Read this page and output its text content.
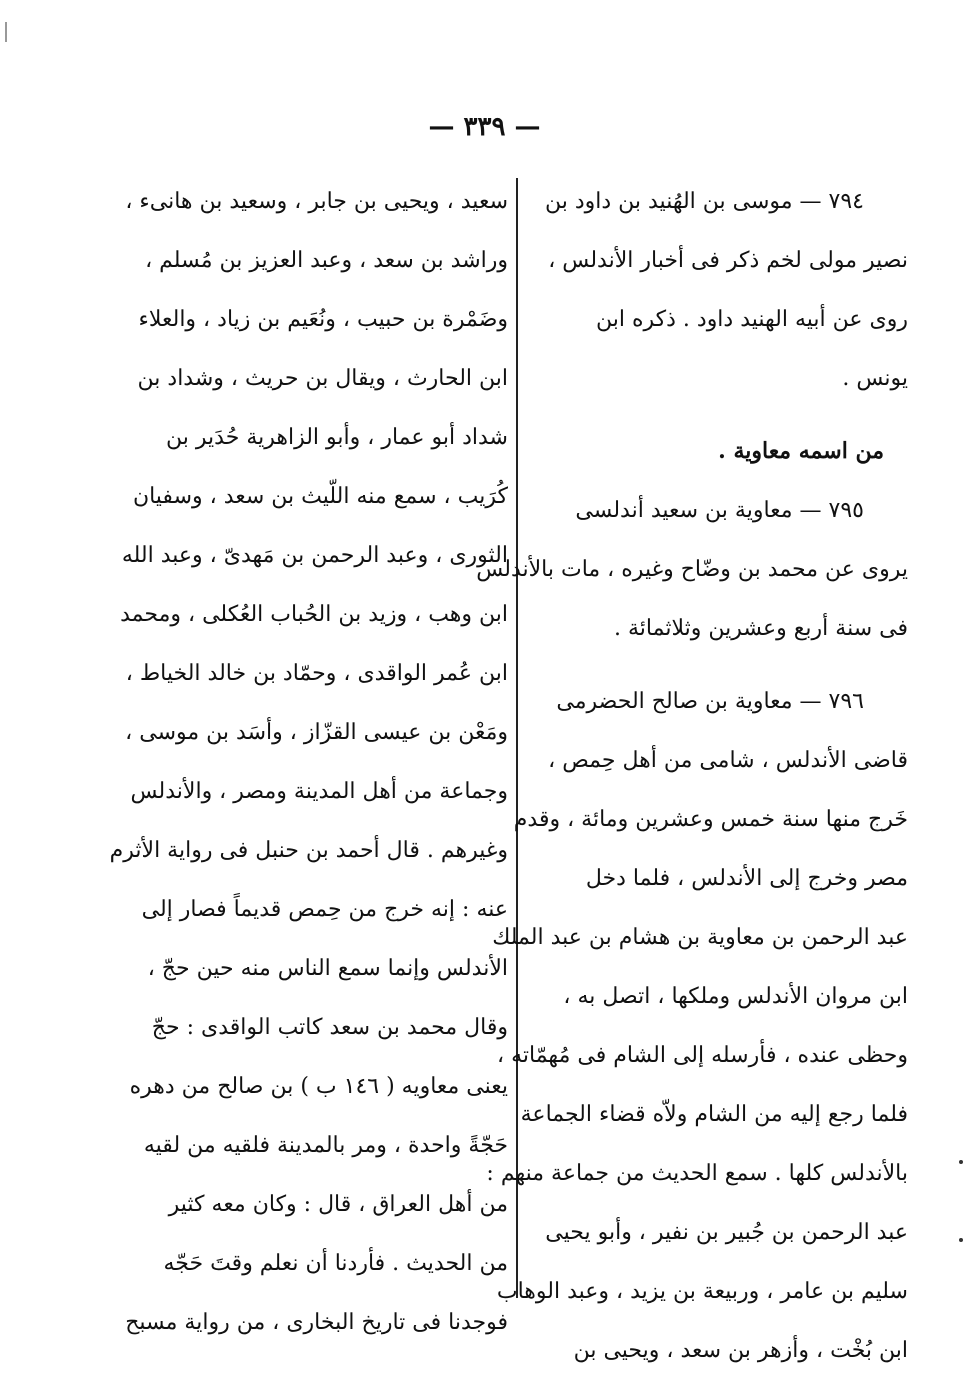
— ٣٣٩ —
٧٩٤ — موسى بن الهُنيد بن داود بن
نصير مولى لخم ذكر فى أخبار الأندلس ،
روى عن أبيه الهنيد داود . ذكره ابن
يونس .
من اسمه معاوية .
٧٩٥ — معاوية بن سعيد أندلسى
يروى عن محمد بن وضّاح وغيره ، مات بالأندلس
فى سنة أربع وعشرين وثلاثمائة .
٧٩٦ — معاوية بن صالح الحضرمى
قاضى الأندلس ، شامى من أهل حِمص ،
خَرج منها سنة خمس وعشرين ومائة ، وقدم
مصر وخرج إلى الأندلس ، فلما دخل
عبد الرحمن بن معاوية بن هشام بن عبد الملك
ابن مروان الأندلس وملكها ، اتصل به ،
وحظى عنده ، فأرسله إلى الشام فى مُهمّاته ،
فلما رجع إليه من الشام ولاّه قضاء الجماعة
بالأندلس كلها . سمع الحديث من جماعة منهم :
عبد الرحمن بن جُبير بن نفير ، وأبو يحيى
سليم بن عامر ، وربيعة بن يزيد ، وعبد الوهاب
ابن بُخْت ، وأزهر بن سعد ، ويحيى بن
سعيد ، ويحيى بن جابر ، وسعيد بن هانىء ،
وراشد بن سعد ، وعبد العزيز بن مُسلم ،
وضَمْرة بن حبيب ، ونُعَيم بن زياد ، والعلاء
ابن الحارث ، ويقال بن حريث ، وشداد بن
شداد أبو عمار ، وأبو الزاهرية حُدَير بن
كُرَيب ، سمع منه اللّيث بن سعد ، وسفيان
الثورى ، وعبد الرحمن بن مَهدىّ ، وعبد الله
ابن وهب ، وزيد بن الحُباب العُكلى ، ومحمد
ابن عُمر الواقدى ، وحمّاد بن خالد الخياط ،
ومَعْن بن عيسى القزّاز ، وأسَد بن موسى ،
وجماعة من أهل المدينة ومصر ، والأندلس
وغيرهم . قال أحمد بن حنبل فى رواية الأثرم
عنه : إنه خرج من حِمص قديماً فصار إلى
الأندلس وإنما سمع الناس منه حين حجّ ،
وقال محمد بن سعد كاتب الواقدى : حجّ
يعنى معاويه ( ١٤٦ ب ) بن صالح من دهره
حَجّةً واحدة ، ومر بالمدينة فلقيه من لقيه
من أهل العراق ، قال : وكان معه كثير
من الحديث . فأردنا أن نعلم وقتَ حَجّه
فوجدنا فى تاريخ البخارى ، من رواية مسبح
